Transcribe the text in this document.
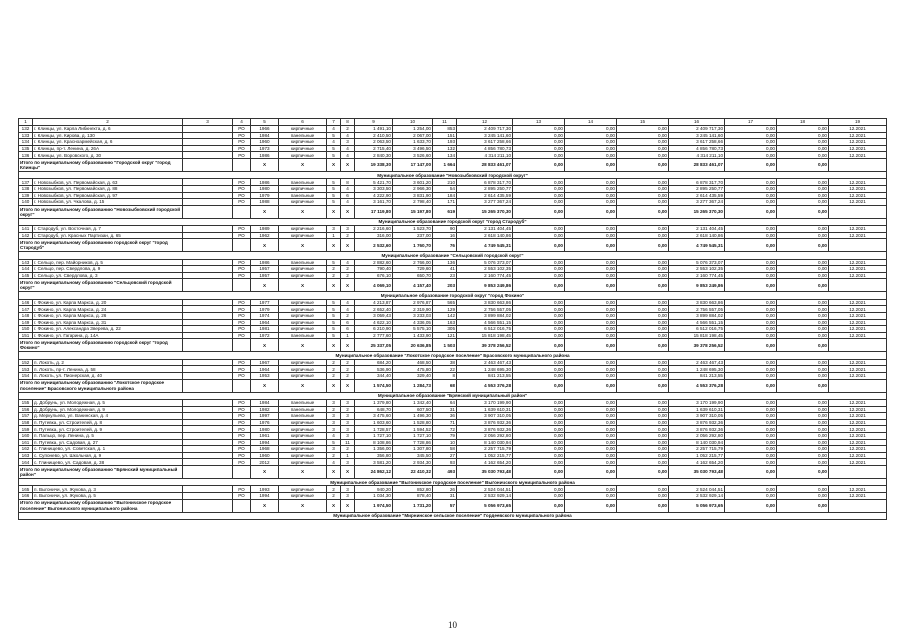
1	2	3	4	5	6	7	8	9	10	11	12	13	14	15	16	17	18	19
132	г. Клинцы, ул. Карла Либкнехта, д. 6		РО	1966	кирпичные	4	2	1 491,10	1 254,00	853	2 409 717,30	0,00	0,00	0,00	2 409 717,30	0,00	0,00	12.2021
133	г. Клинцы, ул. Кирова, д. 130		РО	1984	панельные	5	4	2 410,50	2 067,00	151	3 245 141,60	0,00	0,00	0,00	3 245 141,60	0,00	0,00	12.2021
134	г. Клинцы, ул. Красноармейская, д. 6		РО	1960	кирпичные	4	3	2 063,50	1 633,70	193	3 617 258,66	0,00	0,00	0,00	3 617 258,66	0,00	0,00	12.2021
135	г. Клинцы, пр-т. Ленина, д. 26А		РО	1973	кирпичные	5	4	2 715,40	3 496,50	132	4 856 780,73	0,00	0,00	0,00	4 856 780,73	0,00	0,00	12.2021
136	г. Клинцы, ул. Воровского, д. 30		РО	1986	кирпичные	5	4	2 840,30	3 526,60	134	4 314 211,10	0,00	0,00	0,00	4 314 211,10	0,00	0,00	12.2021
Итого по муниципальному образованию "Городской округ "город Клинцы"				Х	Х	Х	Х	19 338,30	17 147,00	1 664	28 833 461,07	0,00	0,00	0,00	28 833 461,07	0,00	0,00	
Муниципальное образование "Новозыбковский городской округ"																		
137	г. Новозыбков, ул. Первомайская, д. 63		РО	1986	панельные	5	8	5 421,70	3 601,20	210	6 878 317,70	0,00	0,00	0,00	6 878 317,70	0,00	0,00	12.2021
138	г. Новозыбков, ул. Первомайская, д. 88		РО	1980	кирпичные	5	4	3 303,50	2 966,30	54	2 895 250,77	0,00	0,00	0,00	2 895 250,77	0,00	0,00	12.2021
139	г. Новозыбков, ул. Первомайская, д. 97		РО	1979	панельные	5	6	4 222,90	3 831,90	184	2 614 435,59	0,00	0,00	0,00	2 614 435,59	0,00	0,00	12.2021
140	г. Новозыбков, ул. Чкалова, д. 15		РО	1988	кирпичные	5	4	3 161,70	2 798,40	171	3 277 367,24	0,00	0,00	0,00	3 277 367,24	0,00	0,00	12.2021
Итого по муниципальному образованию "Новозыбковский городской округ"				Х	Х	Х	Х	17 119,80	15 197,80	619	15 265 370,30	0,00	0,00	0,00	15 265 370,30	0,00	0,00	
Муниципальное образование городской округ "город Стародуб"																		
141	г. Стародуб, ул. Восточная, д. 7		РО	1989	кирпичные	3	3	2 216,60	1 523,70	90	2 131 404,45	0,00	0,00	0,00	2 131 404,45	0,00	0,00	12.2021
142	г. Стародуб, ул. Красных Партизан, д. 65		РО	1962	кирпичные	1	2	316,00	237,00	16	2 618 140,86	0,00	0,00	0,00	2 618 140,86	0,00	0,00	12.2021
Итого по муниципальному образованию городской округ "город Стародуб"				Х	Х	Х	Х	2 532,60	1 760,70	76	4 749 545,31	0,00	0,00	0,00	4 749 545,31	0,00	0,00	
Муниципальное образование "Сельцовский городской округ"																		
143	г. Сельцо, пер. Майорников, д. 5		РО	1986	панельные	5	4	2 882,60	2 766,00	136	5 076 373,07	0,00	0,00	0,00	5 076 373,07	0,00	0,00	12.2021
144	г. Сельцо, пер. Свердлова, д. 9		РО	1957	кирпичные	2	2	790,40	729,60	41	2 553 102,35	0,00	0,00	0,00	2 553 102,35	0,00	0,00	12.2021
145	г. Сельцо, ул. Свердлова, д. 3		РО	1957	кирпичные	2	2	676,10	650,70	23	2 160 774,45	0,00	0,00	0,00	2 160 774,45	0,00	0,00	12.2021
Итого по муниципальному образованию "Сельцовский городской округ"				Х	Х	Х	Х	4 069,10	4 157,40	203	9 853 249,86	0,00	0,00	0,00	9 853 249,86	0,00	0,00	
Муниципальное образование городской округ "город Фокино"																		
146	г. Фокино, ул. Карла Маркса, д. 20		РО	1977	кирпичные	5	4	4 213,87	2 976,87	565	3 830 663,86	0,00	0,00	0,00	3 830 663,86	0,00	0,00	12.2021
147	г. Фокино, ул. Карла Маркса, д. 24		РО	1979	кирпичные	5	4	2 652,40	2 319,90	129	2 756 557,05	0,00	0,00	0,00	2 756 557,05	0,00	0,00	12.2021
148	г. Фокино, ул. Карла Маркса, д. 26		РО	1974	кирпичные	5	2	3 059,43	3 233,03	142	3 899 884,02	0,00	0,00	0,00	3 899 884,02	0,00	0,00	12.2021
149	г. Фокино, ул. Карла Маркса, д. 31		РО	1964	кирпичные	5	6	4 622,10	4 336,05	163	4 566 551,15	0,00	0,00	0,00	4 566 551,15	0,00	0,00	12.2021
150	г. Фокино, ул. Александра Зверева, д. 22		РО	1981	кирпичные	5	6	6 210,90	5 575,10	305	6 512 016,75	0,00	0,00	0,00	6 512 016,75	0,00	0,00	12.2021
151	г. Фокино, ул. Гагарина, д. 14А		РО	1972	панельные	5	1	2 777,60	1 433,90	121	15 818 198,45	0,00	0,00	0,00	15 818 198,45	0,00	0,00	12.2021
Итого по муниципальному образованию городской округ "город Фокино"				Х	Х	Х	Х	25 337,05	20 636,85	1 503	39 378 256,52	0,00	0,00	0,00	39 378 256,52	0,00	0,00	
Муниципальное образование "Локотское городское поселение" Брасовского муниципального района																		
152	п. Локоть, д. 2		РО	1967	кирпичные	2	2	684,20	468,50	38	2 463 467,43	0,00	0,00	0,00	2 463 467,43	0,00	0,00	12.2021
153	п. Локоть, пр-т. Ленина, д. 58		РО	1964	кирпичные	2	2	536,90	475,80	22	1 248 695,30	0,00	0,00	0,00	1 248 695,30	0,00	0,00	12.2021
154	п. Локоть, ул. Пионерская, д. 40		РО	1953	кирпичные	2	2	344,40	329,40	8	841 213,55	0,00	0,00	0,00	841 213,55	0,00	0,00	12.2021
Итого по муниципальному образованию "Локотское городское поселение" Брасовского муниципального района				Х	Х	Х	Х	1 574,50	1 284,73	68	4 553 376,28	0,00	0,00	0,00	4 553 376,28	0,00	0,00	
Муниципальное образование "Брянский муниципальный район"																		
155	д. Добрунь, ул. Молодежная, д. 5		РО	1984	панельные	3	3	1 379,80	1 342,40	64	3 170 199,90	0,00	0,00	0,00	3 170 199,90	0,00	0,00	12.2021
156	д. Добрунь, ул. Молодежная, д. 9		РО	1982	панельные	2	2	648,70	607,50	31	1 639 610,31	0,00	0,00	0,00	1 639 610,31	0,00	0,00	12.2021
157	д. Меркульево, ул. Ванинская, д. 4		РО	1997	панельные	3	3	3 475,60	1 496,30	36	3 907 310,05	0,00	0,00	0,00	3 907 310,05	0,00	0,00	12.2021
158	п. Путевка, ул. Строителей, д. 8		РО	1976	кирпичные	3	3	1 603,60	1 528,80	71	3 876 932,36	0,00	0,00	0,00	3 876 932,36	0,00	0,00	12.2021
159	п. Путевка, ул. Строителей, д. 9		РО	1980	кирпичные	3	3	1 728,57	1 594,52	72	3 876 932,36	0,00	0,00	0,00	3 876 932,36	0,00	0,00	12.2021
160	п. Пальцо, пер. Ленина, д. 5		РО	1961	кирпичные	4	3	1 727,10	1 727,10	79	2 056 292,80	0,00	0,00	0,00	2 056 292,80	0,00	0,00	12.2021
161	п. Путевка, ул. Садовая, д. 27		РО	1994	кирпичные	5	11	8 108,86	7 728,86	10	8 140 030,94	0,00	0,00	0,00	8 140 030,94	0,00	0,00	12.2021
162	с. Глинищево, ул. Советская, д. 1		РО	1968	кирпичные	3	2	1 356,00	1 307,80	58	2 257 715,79	0,00	0,00	0,00	2 257 715,79	0,00	0,00	12.2021
163	с. Супонево, ул. Школьная, д. 9		РО	1960	кирпичные	2	1	356,80	345,50	27	1 052 215,77	0,00	0,00	0,00	1 052 215,77	0,00	0,00	12.2021
164	с. Глинищево, ул. Садовая, д. 38		РО	2012	кирпичные	4	3	3 581,20	2 934,30	93	4 162 654,20	0,00	0,00	0,00	4 162 654,20	0,00	0,00	12.2021
Итого по муниципальному образованию "Брянский муниципальный район"				Х	Х	Х	Х	24 862,12	22 410,32	493	35 030 793,48	0,00	0,00	0,00	35 030 793,48	0,00	0,00	
Муниципальное образование "Выгоничское городское поселение" Выгоничского муниципального района																		
165	п. Выгоничи, ул. Жукова, д. 3		РО	1993	кирпичные	2	3	940,20	852,80	26	2 524 044,51	0,00	0,00	0,00	2 524 044,51	0,00	0,00	12.2021
166	п. Выгоничи, ул. Жукова, д. 5		РО	1994	кирпичные	2	3	1 034,30	878,40	31	2 532 929,14	0,00	0,00	0,00	2 532 929,14	0,00	0,00	12.2021
Итого по муниципальному образованию "Выгоничское городское поселение" Выгоничского муниципального района				Х	Х	Х	Х	1 974,50	1 731,20	57	5 056 973,65	0,00	0,00	0,00	5 056 973,65	0,00	0,00	
Муниципальное образование "Мирнинское сельское поселение" Гордеевского муниципального района																		
10
